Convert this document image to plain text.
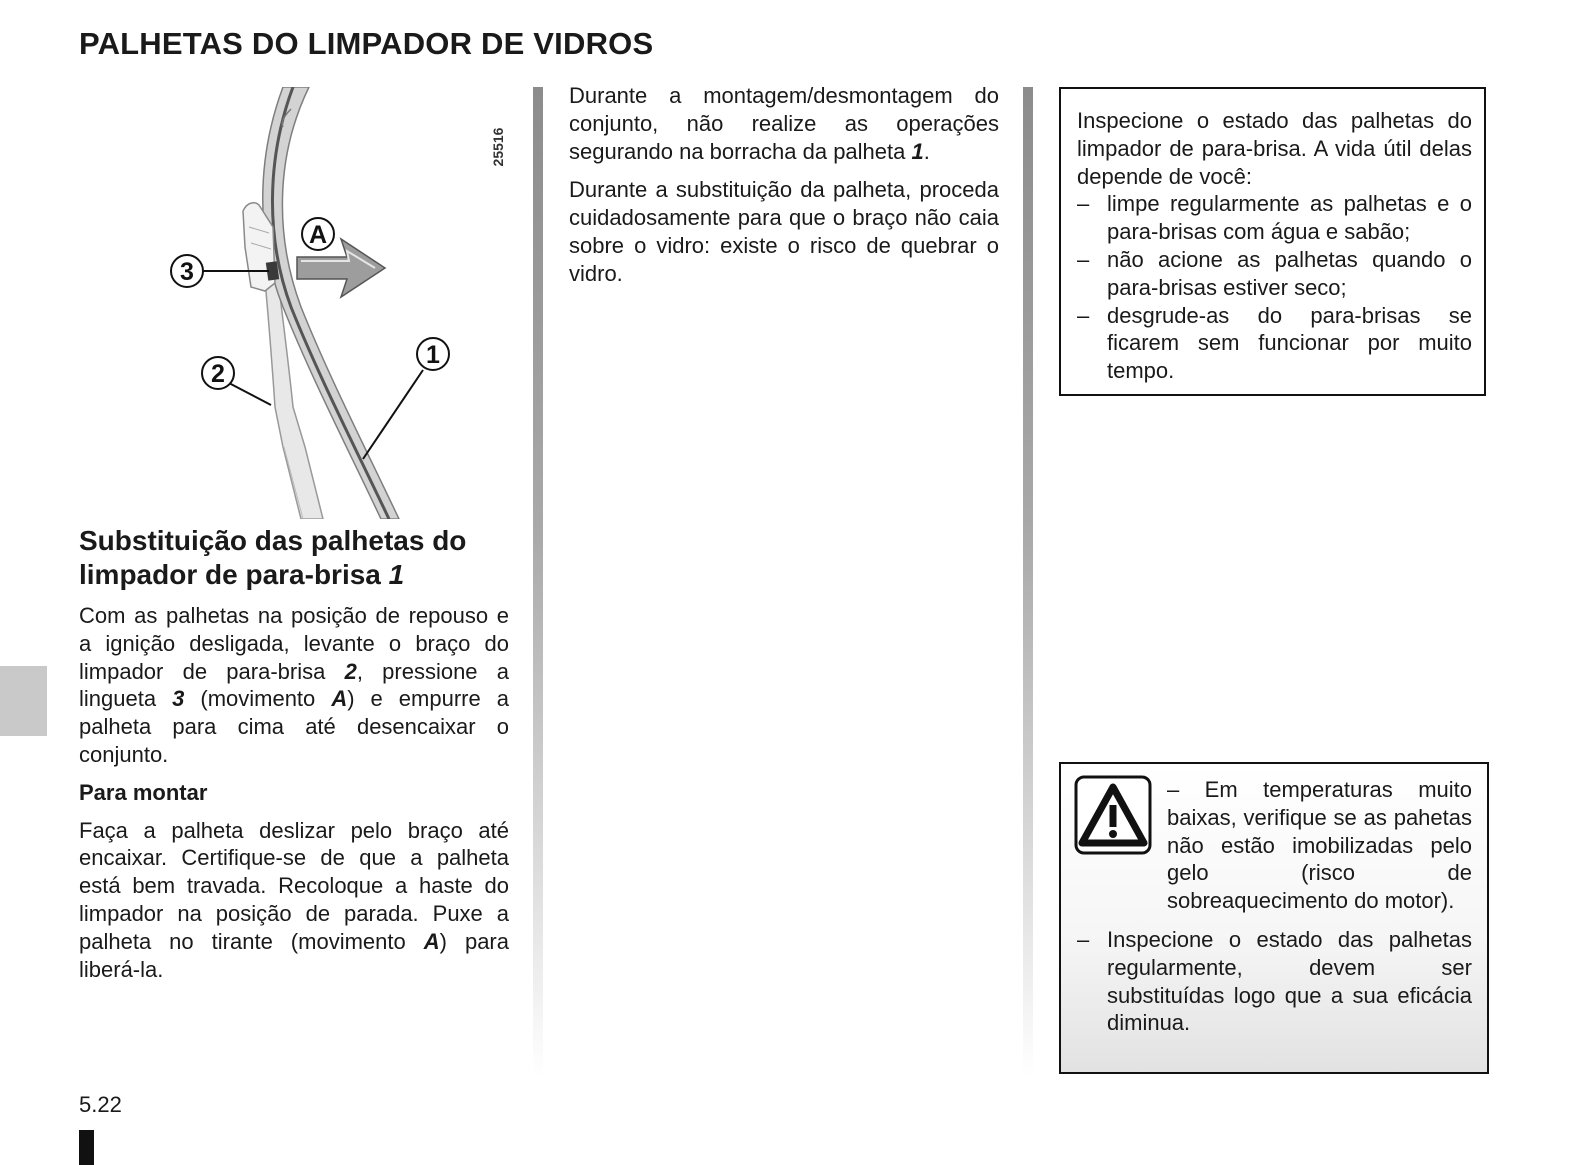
PALHETAS DO LIMPADOR DE VIDROS
A
3
2
1
25516
Substituição das palhetas do limpador de para-brisa 1

Com as palhetas na posição de repouso e a ignição desligada, levante o braço do limpador de para-brisa 2, pressione a lingueta 3 (movimento A) e empurre a palheta para cima até desencaixar o conjunto.

Para montar

Faça a palheta deslizar pelo braço até encaixar. Certifique-se de que a palheta está bem travada. Recoloque a haste do limpador na posição de parada. Puxe a palheta no tirante (movimento A) para liberá-la.

Durante a montagem/desmontagem do conjunto, não realize as operações segurando na borracha da palheta 1.

Durante a substituição da palheta, proceda cuidadosamente para que o braço não caia sobre o vidro: existe o risco de quebrar o vidro.

Inspecione o estado das palhetas do limpador de para-brisa. A vida útil delas depende de você:

– limpe regularmente as palhetas e o para-brisas com água e sabão;
– não acione as palhetas quando o para-brisas estiver seco;
– desgrude-as do para-brisas se ficarem sem funcionar por muito tempo.

– Em temperaturas muito baixas, verifique se as pahetas não estão imobilizadas pelo gelo (risco de sobreaquecimento do motor).

– Inspecione o estado das palhetas regularmente, devem ser substituídas logo que a sua eficácia diminua.
5.22
